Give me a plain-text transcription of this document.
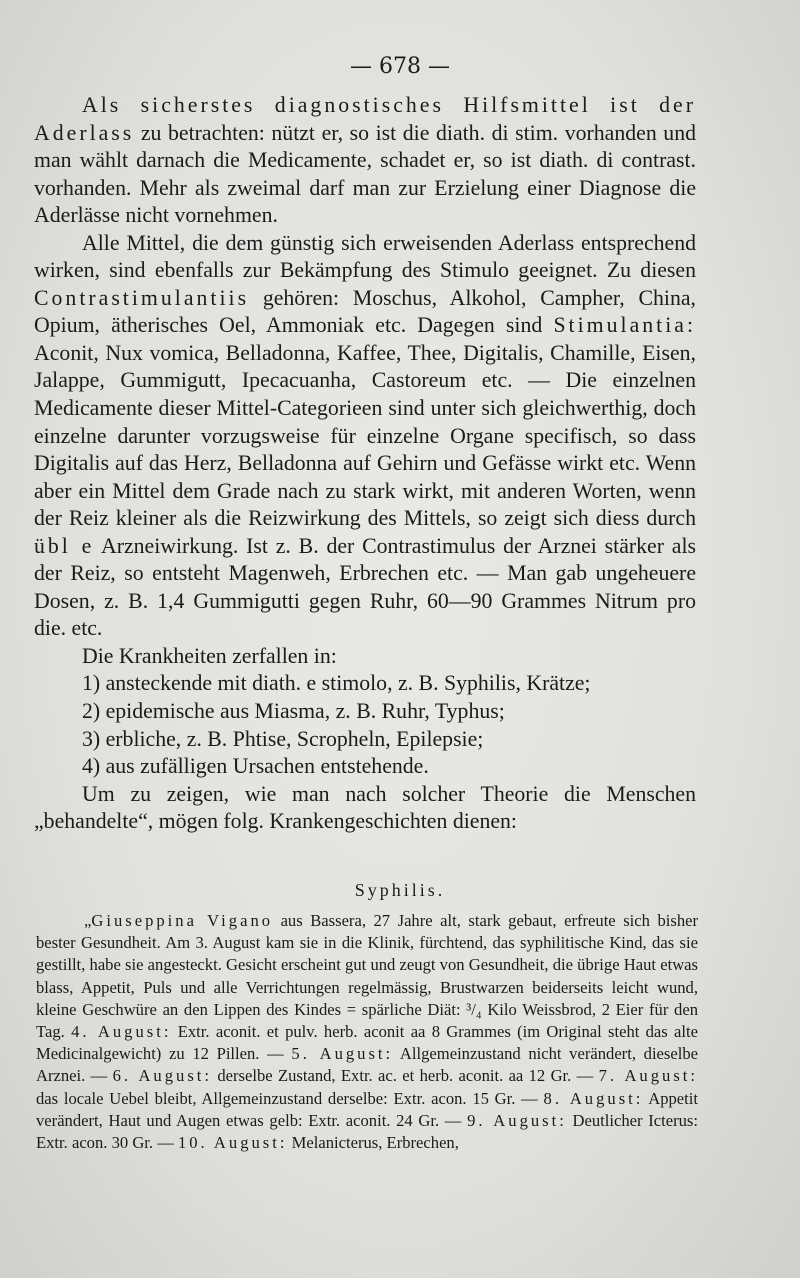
— 678 —

Als sicherstes diagnostisches Hilfsmittel ist der Aderlass zu betrachten: nützt er, so ist die diath. di stim. vorhanden und man wählt darnach die Medicamente, schadet er, so ist diath. di contrast. vorhanden. Mehr als zweimal darf man zur Erzielung einer Diagnose die Aderlässe nicht vornehmen.

Alle Mittel, die dem günstig sich erweisenden Aderlass entsprechend wirken, sind ebenfalls zur Bekämpfung des Stimulo geeignet. Zu diesen Contrastimulantiis gehören: Moschus, Alkohol, Campher, China, Opium, ätherisches Oel, Ammoniak etc. Dagegen sind Stimulantia: Aconit, Nux vomica, Belladonna, Kaffee, Thee, Digitalis, Chamille, Eisen, Jalappe, Gummigutt, Ipecacuanha, Castoreum etc. — Die einzelnen Medicamente dieser Mittel-Categorieen sind unter sich gleichwerthig, doch einzelne darunter vorzugsweise für einzelne Organe specifisch, so dass Digitalis auf das Herz, Belladonna auf Gehirn und Gefässe wirkt etc. Wenn aber ein Mittel dem Grade nach zu stark wirkt, mit anderen Worten, wenn der Reiz kleiner als die Reizwirkung des Mittels, so zeigt sich diess durch übl e Arzneiwirkung. Ist z. B. der Contrastimulus der Arznei stärker als der Reiz, so entsteht Magenweh, Erbrechen etc. — Man gab ungeheuere Dosen, z. B. 1,4 Gummigutti gegen Ruhr, 60—90 Grammes Nitrum pro die. etc.

Die Krankheiten zerfallen in:

1) ansteckende mit diath. e stimolo, z. B. Syphilis, Krätze;
2) epidemische aus Miasma, z. B. Ruhr, Typhus;
3) erbliche, z. B. Phtise, Scropheln, Epilepsie;
4) aus zufälligen Ursachen entstehende.

Um zu zeigen, wie man nach solcher Theorie die Menschen „behandelte“, mögen folg. Krankengeschichten dienen:

Syphilis.

„Giuseppina Vigano aus Bassera, 27 Jahre alt, stark gebaut, erfreute sich bisher bester Gesundheit. Am 3. August kam sie in die Klinik, fürchtend, das syphilitische Kind, das sie gestillt, habe sie angesteckt. Gesicht erscheint gut und zeugt von Gesundheit, die übrige Haut etwas blass, Appetit, Puls und alle Verrichtungen regelmässig, Brustwarzen beiderseits leicht wund, kleine Geschwüre an den Lippen des Kindes = spärliche Diät: ³/₄ Kilo Weissbrod, 2 Eier für den Tag. 4. August: Extr. aconit. et pulv. herb. aconit aa 8 Grammes (im Original steht das alte Medicinalgewicht) zu 12 Pillen. — 5. August: Allgemeinzustand nicht verändert, dieselbe Arznei. — 6. August: derselbe Zustand, Extr. ac. et herb. aconit. aa 12 Gr. — 7. August: das locale Uebel bleibt, Allgemeinzustand derselbe: Extr. acon. 15 Gr. — 8. August: Appetit verändert, Haut und Augen etwas gelb: Extr. aconit. 24 Gr. — 9. August: Deutlicher Icterus: Extr. acon. 30 Gr. — 10. August: Melanicterus, Erbrechen,
